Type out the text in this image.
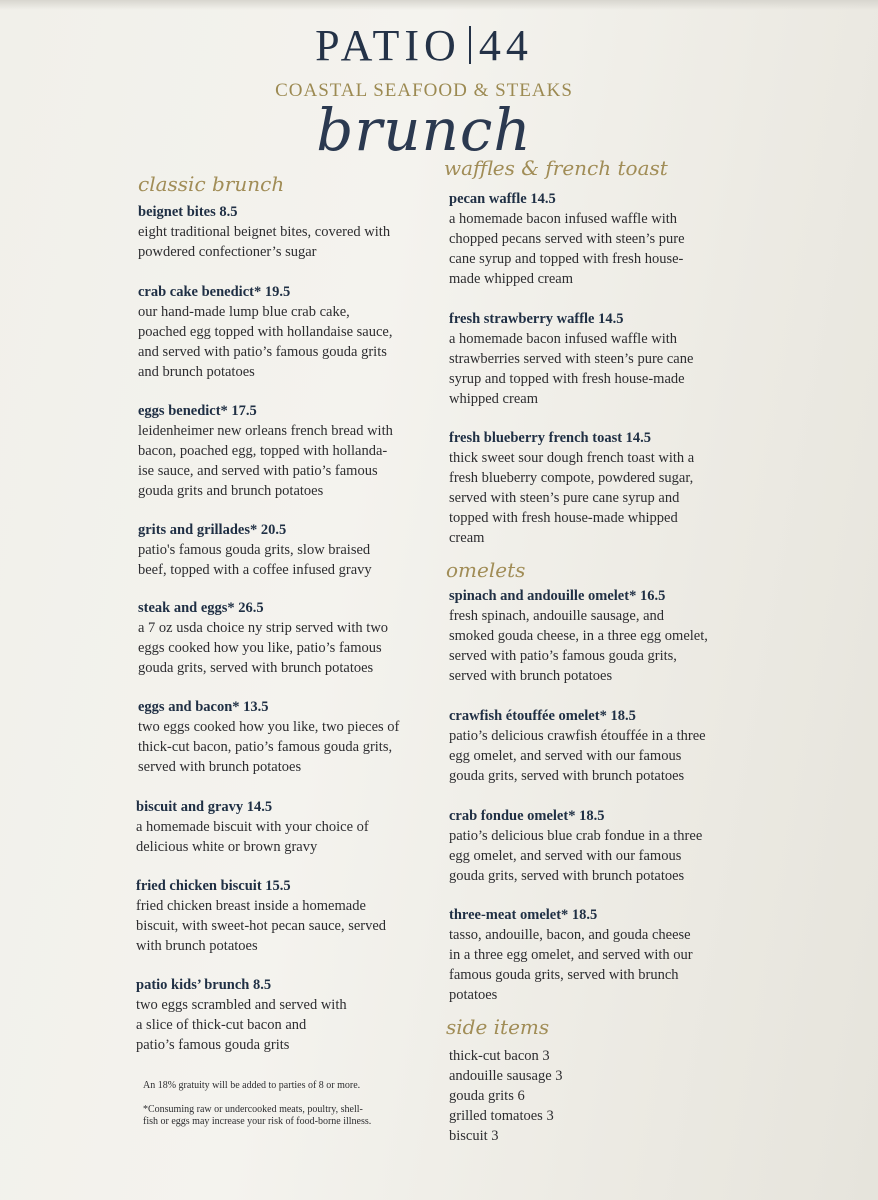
PATIO 44
COASTAL SEAFOOD & STEAKS
brunch
classic brunch
beignet bites 8.5
eight traditional beignet bites, covered with
powdered confectioner’s sugar
crab cake benedict* 19.5
our hand-made lump blue crab cake,
poached egg topped with hollandaise sauce,
and served with patio’s famous gouda grits
and brunch potatoes
eggs benedict* 17.5
leidenheimer new orleans french bread with
bacon, poached egg, topped with hollanda-
ise sauce, and served with patio’s famous
gouda grits and brunch potatoes
grits and grillades* 20.5
patio's famous gouda grits, slow braised
beef, topped with a coffee infused gravy
steak and eggs* 26.5
a 7 oz usda choice ny strip served with two
eggs cooked how you like, patio’s famous
gouda grits, served with brunch potatoes
eggs and bacon* 13.5
two eggs cooked how you like, two pieces of
thick-cut bacon, patio’s famous gouda grits,
served with brunch potatoes
biscuit and gravy 14.5
a homemade biscuit with your choice of
delicious white or brown gravy
fried chicken biscuit 15.5
fried chicken breast inside a homemade
biscuit, with sweet-hot pecan sauce, served
with brunch potatoes
patio kids’ brunch 8.5
two eggs scrambled and served with
a slice of thick-cut bacon and
patio’s famous gouda grits
An 18% gratuity will be added to parties of 8 or more.
*Consuming raw or undercooked meats, poultry, shell-
fish or eggs may increase your risk of food-borne illness.
waffles & french toast
pecan waffle 14.5
a homemade bacon infused waffle with
chopped pecans served with steen’s pure
cane syrup and topped with fresh house-
made whipped cream
fresh strawberry waffle 14.5
a homemade bacon infused waffle with
strawberries served with steen’s pure cane
syrup and topped with fresh house-made
whipped cream
fresh blueberry french toast 14.5
thick sweet sour dough french toast with a
fresh blueberry compote, powdered sugar,
served with steen’s pure cane syrup and
topped with fresh house-made whipped
cream
omelets
spinach and andouille omelet* 16.5
fresh spinach, andouille sausage, and
smoked gouda cheese, in a three egg omelet,
served with patio’s famous gouda grits,
served with brunch potatoes
crawfish étouffée omelet* 18.5
patio’s delicious crawfish étouffée in a three
egg omelet, and served with our famous
gouda grits, served with brunch potatoes
crab fondue omelet* 18.5
patio’s delicious blue crab fondue in a three
egg omelet, and served with our famous
gouda grits, served with brunch potatoes
three-meat omelet* 18.5
tasso, andouille, bacon, and gouda cheese
in a three egg omelet, and served with our
famous gouda grits, served with brunch
potatoes
side items
thick-cut bacon 3
andouille sausage 3
gouda grits 6
grilled tomatoes 3
biscuit 3
